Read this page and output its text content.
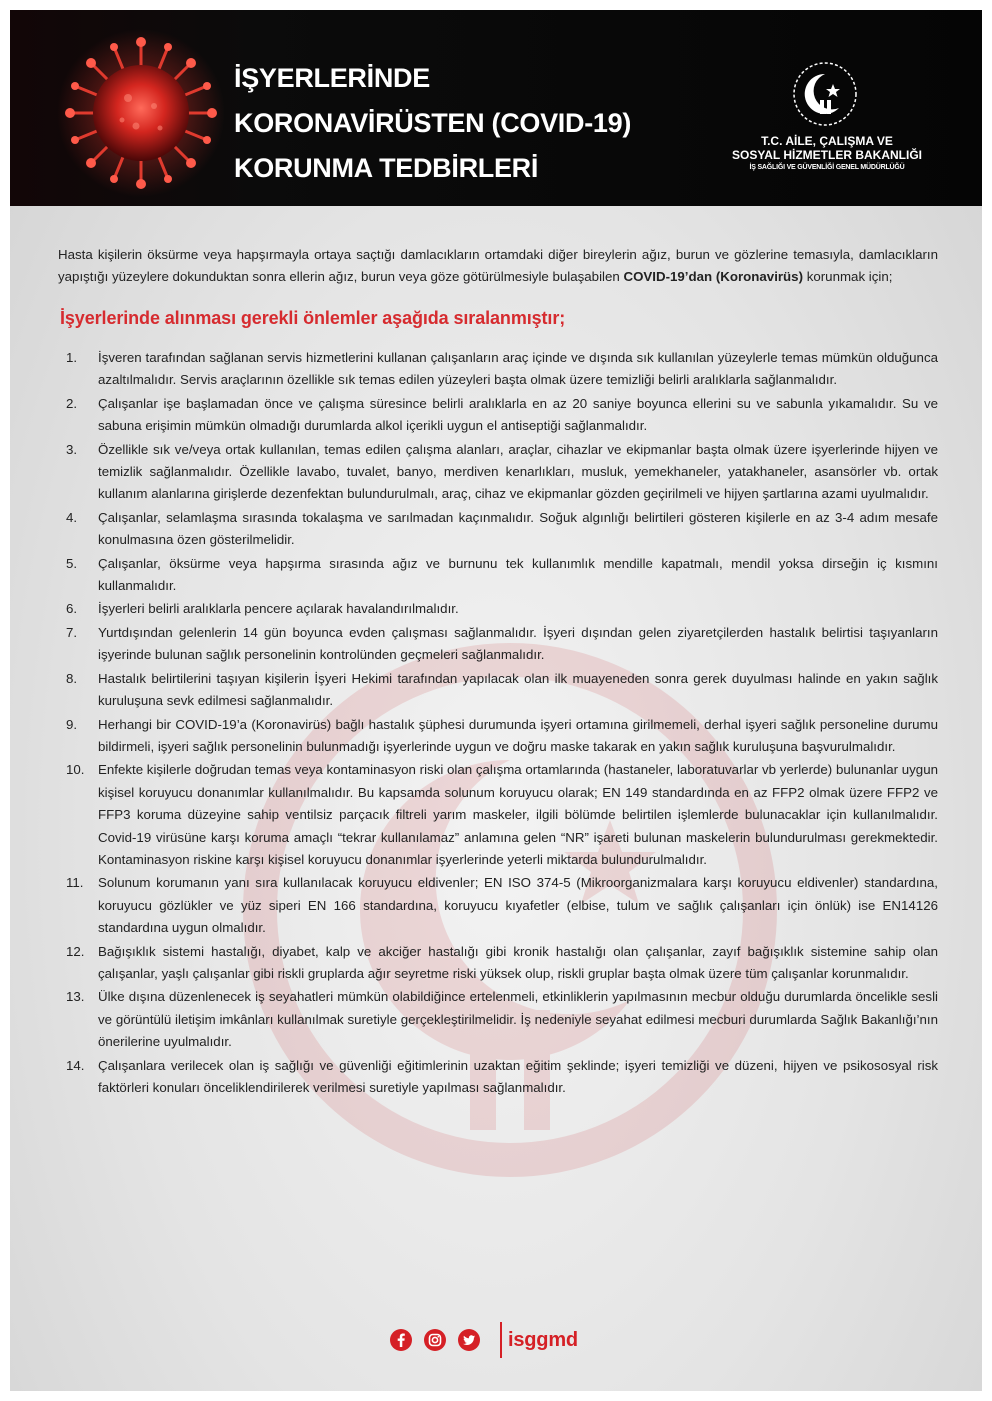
İŞYERLERİNDE
KORONAVİRÜSTEN (COVID-19)
KORUNMA TEDBİRLERİ
T.C. AİLE, ÇALIŞMA VE
SOSYAL HİZMETLER BAKANLIĞI
İŞ SAĞLIĞI VE GÜVENLİĞİ GENEL MÜDÜRLÜĞÜ

Hasta kişilerin öksürme veya hapşırmayla ortaya saçtığı damlacıkların ortamdaki diğer bireylerin ağız, burun ve gözlerine temasıyla, damlacıkların yapıştığı yüzeylere dokunduktan sonra ellerin ağız, burun veya göze götürülmesiyle bulaşabilen COVID-19’dan (Koronavirüs) korunmak için;

İşyerlerinde alınması gerekli önlemler aşağıda sıralanmıştır;
1.	İşveren tarafından sağlanan servis hizmetlerini kullanan çalışanların araç içinde ve dışında sık kullanılan yüzeylerle temas mümkün olduğunca azaltılmalıdır. Servis araçlarının özellikle sık temas edilen yüzeyleri başta olmak üzere temizliği belirli aralıklarla sağlanmalıdır.
2.	Çalışanlar işe başlamadan önce ve çalışma süresince belirli aralıklarla en az 20 saniye boyunca ellerini su ve sabunla yıkamalıdır. Su ve sabuna erişimin mümkün olmadığı durumlarda alkol içerikli uygun el antiseptiği sağlanmalıdır.
3.	Özellikle sık ve/veya ortak kullanılan, temas edilen çalışma alanları, araçlar, cihazlar ve ekipmanlar başta olmak üzere işyerlerinde hijyen ve temizlik sağlanmalıdır. Özellikle lavabo, tuvalet, banyo, merdiven kenarlıkları, musluk, yemekhaneler, yatakhaneler, asansörler vb. ortak kullanım alanlarına girişlerde dezenfektan bulundurulmalı, araç, cihaz ve ekipmanlar gözden geçirilmeli ve hijyen şartlarına azami uyulmalıdır.
4.	Çalışanlar, selamlaşma sırasında tokalaşma ve sarılmadan kaçınmalıdır. Soğuk algınlığı belirtileri gösteren kişilerle en az 3-4 adım mesafe konulmasına özen gösterilmelidir.
5.	Çalışanlar, öksürme veya hapşırma sırasında ağız ve burnunu tek kullanımlık mendille kapatmalı, mendil yoksa dirseğin iç kısmını kullanmalıdır.
6.	İşyerleri belirli aralıklarla pencere açılarak havalandırılmalıdır.
7.	Yurtdışından gelenlerin 14 gün boyunca evden çalışması sağlanmalıdır. İşyeri dışından gelen ziyaretçilerden hastalık belirtisi taşıyanların işyerinde bulunan sağlık personelinin kontrolünden geçmeleri sağlanmalıdır.
8.	Hastalık belirtilerini taşıyan kişilerin İşyeri Hekimi tarafından yapılacak olan ilk muayeneden sonra gerek duyulması halinde en yakın sağlık kuruluşuna sevk edilmesi sağlanmalıdır.
9.	Herhangi bir COVID-19’a (Koronavirüs) bağlı hastalık şüphesi durumunda işyeri ortamına girilmemeli, derhal işyeri sağlık personeline durumu bildirmeli, işyeri sağlık personelinin bulunmadığı işyerlerinde uygun ve doğru maske takarak en yakın sağlık kuruluşuna başvurulmalıdır.
10.	Enfekte kişilerle doğrudan temas veya kontaminasyon riski olan çalışma ortamlarında (hastaneler, laboratuvarlar vb yerlerde) bulunanlar uygun kişisel koruyucu donanımlar kullanılmalıdır. Bu kapsamda solunum koruyucu olarak; EN 149 standardında en az FFP2 olmak üzere FFP2 ve FFP3 koruma düzeyine sahip ventilsiz parçacık filtreli yarım maskeler, ilgili bölümde belirtilen işlemlerde bulunacaklar için kullanılmalıdır. Covid-19 virüsüne karşı koruma amaçlı “tekrar kullanılamaz” anlamına gelen “NR” işareti bulunan maskelerin bulundurulması gerekmektedir. Kontaminasyon riskine karşı kişisel koruyucu donanımlar işyerlerinde yeterli miktarda bulundurulmalıdır.
11.	Solunum korumanın yanı sıra kullanılacak koruyucu eldivenler; EN ISO 374-5 (Mikroorganizmalara karşı koruyucu eldivenler) standardına, koruyucu gözlükler ve yüz siperi EN 166 standardına, koruyucu kıyafetler (elbise, tulum ve sağlık çalışanları için önlük) ise EN14126 standardına uygun olmalıdır.
12.	Bağışıklık sistemi hastalığı, diyabet, kalp ve akciğer hastalığı gibi kronik hastalığı olan çalışanlar, zayıf bağışıklık sistemine sahip olan çalışanlar, yaşlı çalışanlar gibi riskli gruplarda ağır seyretme riski yüksek olup, riskli gruplar başta olmak üzere tüm çalışanlar korunmalıdır.
13.	Ülke dışına düzenlenecek iş seyahatleri mümkün olabildiğince ertelenmeli, etkinliklerin yapılmasının mecbur olduğu durumlarda öncelikle sesli ve görüntülü iletişim imkânları kullanılmak suretiyle gerçekleştirilmelidir. İş nedeniyle seyahat edilmesi mecburi durumlarda Sağlık Bakanlığı’nın önerilerine uyulmalıdır.
14.	Çalışanlara verilecek olan iş sağlığı ve güvenliği eğitimlerinin uzaktan eğitim şeklinde; işyeri temizliği ve düzeni, hijyen ve psikososyal risk faktörleri konuları önceliklendirilerek verilmesi suretiyle yapılması sağlanmalıdır.
isggmd
